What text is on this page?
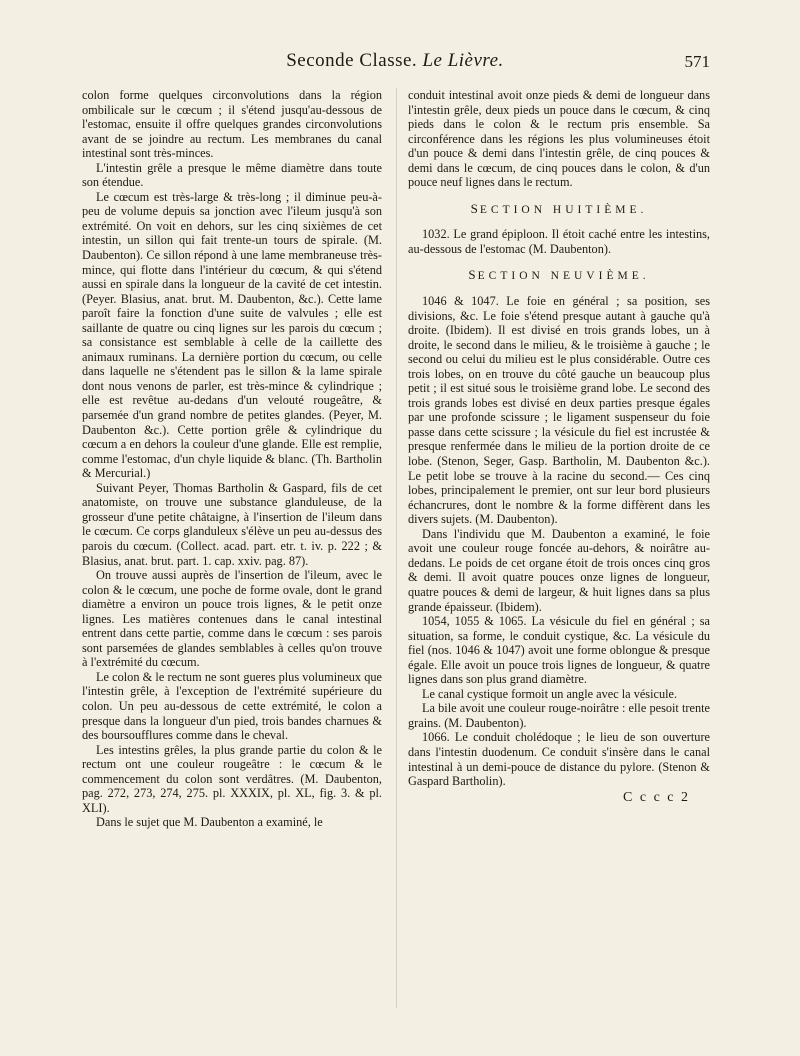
Seconde Classe. Le Lièvre.	571

colon forme quelques circonvolutions dans la région ombilicale sur le cœcum ; il s'étend jusqu'au-dessous de l'estomac, ensuite il offre quelques grandes circonvolutions avant de se joindre au rectum. Les membranes du canal intestinal sont très-minces.

L'intestin grêle a presque le même diamètre dans toute son étendue.

Le cœcum est très-large & très-long ; il diminue peu-à-peu de volume depuis sa jonction avec l'ileum jusqu'à son extrémité. On voit en dehors, sur les cinq sixièmes de cet intestin, un sillon qui fait trente-un tours de spirale. (M. Daubenton). Ce sillon répond à une lame membraneuse très-mince, qui flotte dans l'intérieur du cœcum, & qui s'étend aussi en spirale dans la longueur de la cavité de cet intestin. (Peyer. Blasius, anat. brut. M. Daubenton, &c.). Cette lame paroît faire la fonction d'une suite de valvules ; elle est saillante de quatre ou cinq lignes sur les parois du cœcum ; sa consistance est semblable à celle de la caillette des animaux ruminans. La dernière portion du cœcum, ou celle dans laquelle ne s'étendent pas le sillon & la lame spirale dont nous venons de parler, est très-mince & cylindrique ; elle est revêtue au-dedans d'un velouté rougeâtre, & parsemée d'un grand nombre de petites glandes. (Peyer, M. Daubenton &c.). Cette portion grêle & cylindrique du cœcum a en dehors la couleur d'une glande. Elle est remplie, comme l'estomac, d'un chyle liquide & blanc. (Th. Bartholin & Mercurial.)

Suivant Peyer, Thomas Bartholin & Gaspard, fils de cet anatomiste, on trouve une substance glanduleuse, de la grosseur d'une petite châtaigne, à l'insertion de l'ileum dans le cœcum. Ce corps glanduleux s'élève un peu au-dessus des parois du cœcum. (Collect. acad. part. etr. t. iv. p. 222 ; & Blasius, anat. brut. part. 1. cap. xxiv. pag. 87).

On trouve aussi auprès de l'insertion de l'ileum, avec le colon & le cœcum, une poche de forme ovale, dont le grand diamètre a environ un pouce trois lignes, & le petit onze lignes. Les matières contenues dans le canal intestinal entrent dans cette partie, comme dans le cœcum : ses parois sont parsemées de glandes semblables à celles qu'on trouve à l'extrémité du cœcum.

Le colon & le rectum ne sont gueres plus volumineux que l'intestin grêle, à l'exception de l'extrémité supérieure du colon. Un peu au-dessous de cette extrémité, le colon a presque dans la longueur d'un pied, trois bandes charnues & des boursoufflures comme dans le cheval.

Les intestins grêles, la plus grande partie du colon & le rectum ont une couleur rougeâtre : le cœcum & le commencement du colon sont verdâtres. (M. Daubenton, pag. 272, 273, 274, 275. pl. XXXIX, pl. XL, fig. 3. & pl. XLI).

Dans le sujet que M. Daubenton a examiné, le

conduit intestinal avoit onze pieds & demi de longueur dans l'intestin grêle, deux pieds un pouce dans le cœcum, & cinq pieds dans le colon & le rectum pris ensemble. Sa circonférence dans les régions les plus volumineuses étoit d'un pouce & demi dans l'intestin grêle, de cinq pouces & demi dans le cœcum, de cinq pouces dans le colon, & d'un pouce neuf lignes dans le rectum.

SECTION HUITIÈME.

1032. Le grand épiploon. Il étoit caché entre les intestins, au-dessous de l'estomac (M. Daubenton).

SECTION NEUVIÈME.

1046 & 1047. Le foie en général ; sa position, ses divisions, &c. Le foie s'étend presque autant à gauche qu'à droite. (Ibidem). Il est divisé en trois grands lobes, un à droite, le second dans le milieu, & le troisième à gauche ; le second ou celui du milieu est le plus considérable. Outre ces trois lobes, on en trouve du côté gauche un beaucoup plus petit ; il est situé sous le troisième grand lobe. Le second des trois grands lobes est divisé en deux parties presque égales par une profonde scissure ; le ligament suspenseur du foie passe dans cette scissure ; la vésicule du fiel est incrustée & presque renfermée dans le milieu de la portion droite de ce lobe. (Stenon, Seger, Gasp. Bartholin, M. Daubenton &c.). Le petit lobe se trouve à la racine du second.— Ces cinq lobes, principalement le premier, ont sur leur bord plusieurs échancrures, dont le nombre & la forme diffèrent dans les divers sujets. (M. Daubenton).

Dans l'individu que M. Daubenton a examiné, le foie avoit une couleur rouge foncée au-dehors, & noirâtre au-dedans. Le poids de cet organe étoit de trois onces cinq gros & demi. Il avoit quatre pouces onze lignes de longueur, quatre pouces & demi de largeur, & huit lignes dans sa plus grande épaisseur. (Ibidem).

1054, 1055 & 1065. La vésicule du fiel en général ; sa situation, sa forme, le conduit cystique, &c. La vésicule du fiel (nos. 1046 & 1047) avoit une forme oblongue & presque égale. Elle avoit un pouce trois lignes de longueur, & quatre lignes dans son plus grand diamètre.

Le canal cystique formoit un angle avec la vésicule.

La bile avoit une couleur rouge-noirâtre : elle pesoit trente grains. (M. Daubenton).

1066. Le conduit cholédoque ; le lieu de son ouverture dans l'intestin duodenum. Ce conduit s'insère dans le canal intestinal à un demi-pouce de distance du pylore. (Stenon & Gaspard Bartholin).

C c c c 2
